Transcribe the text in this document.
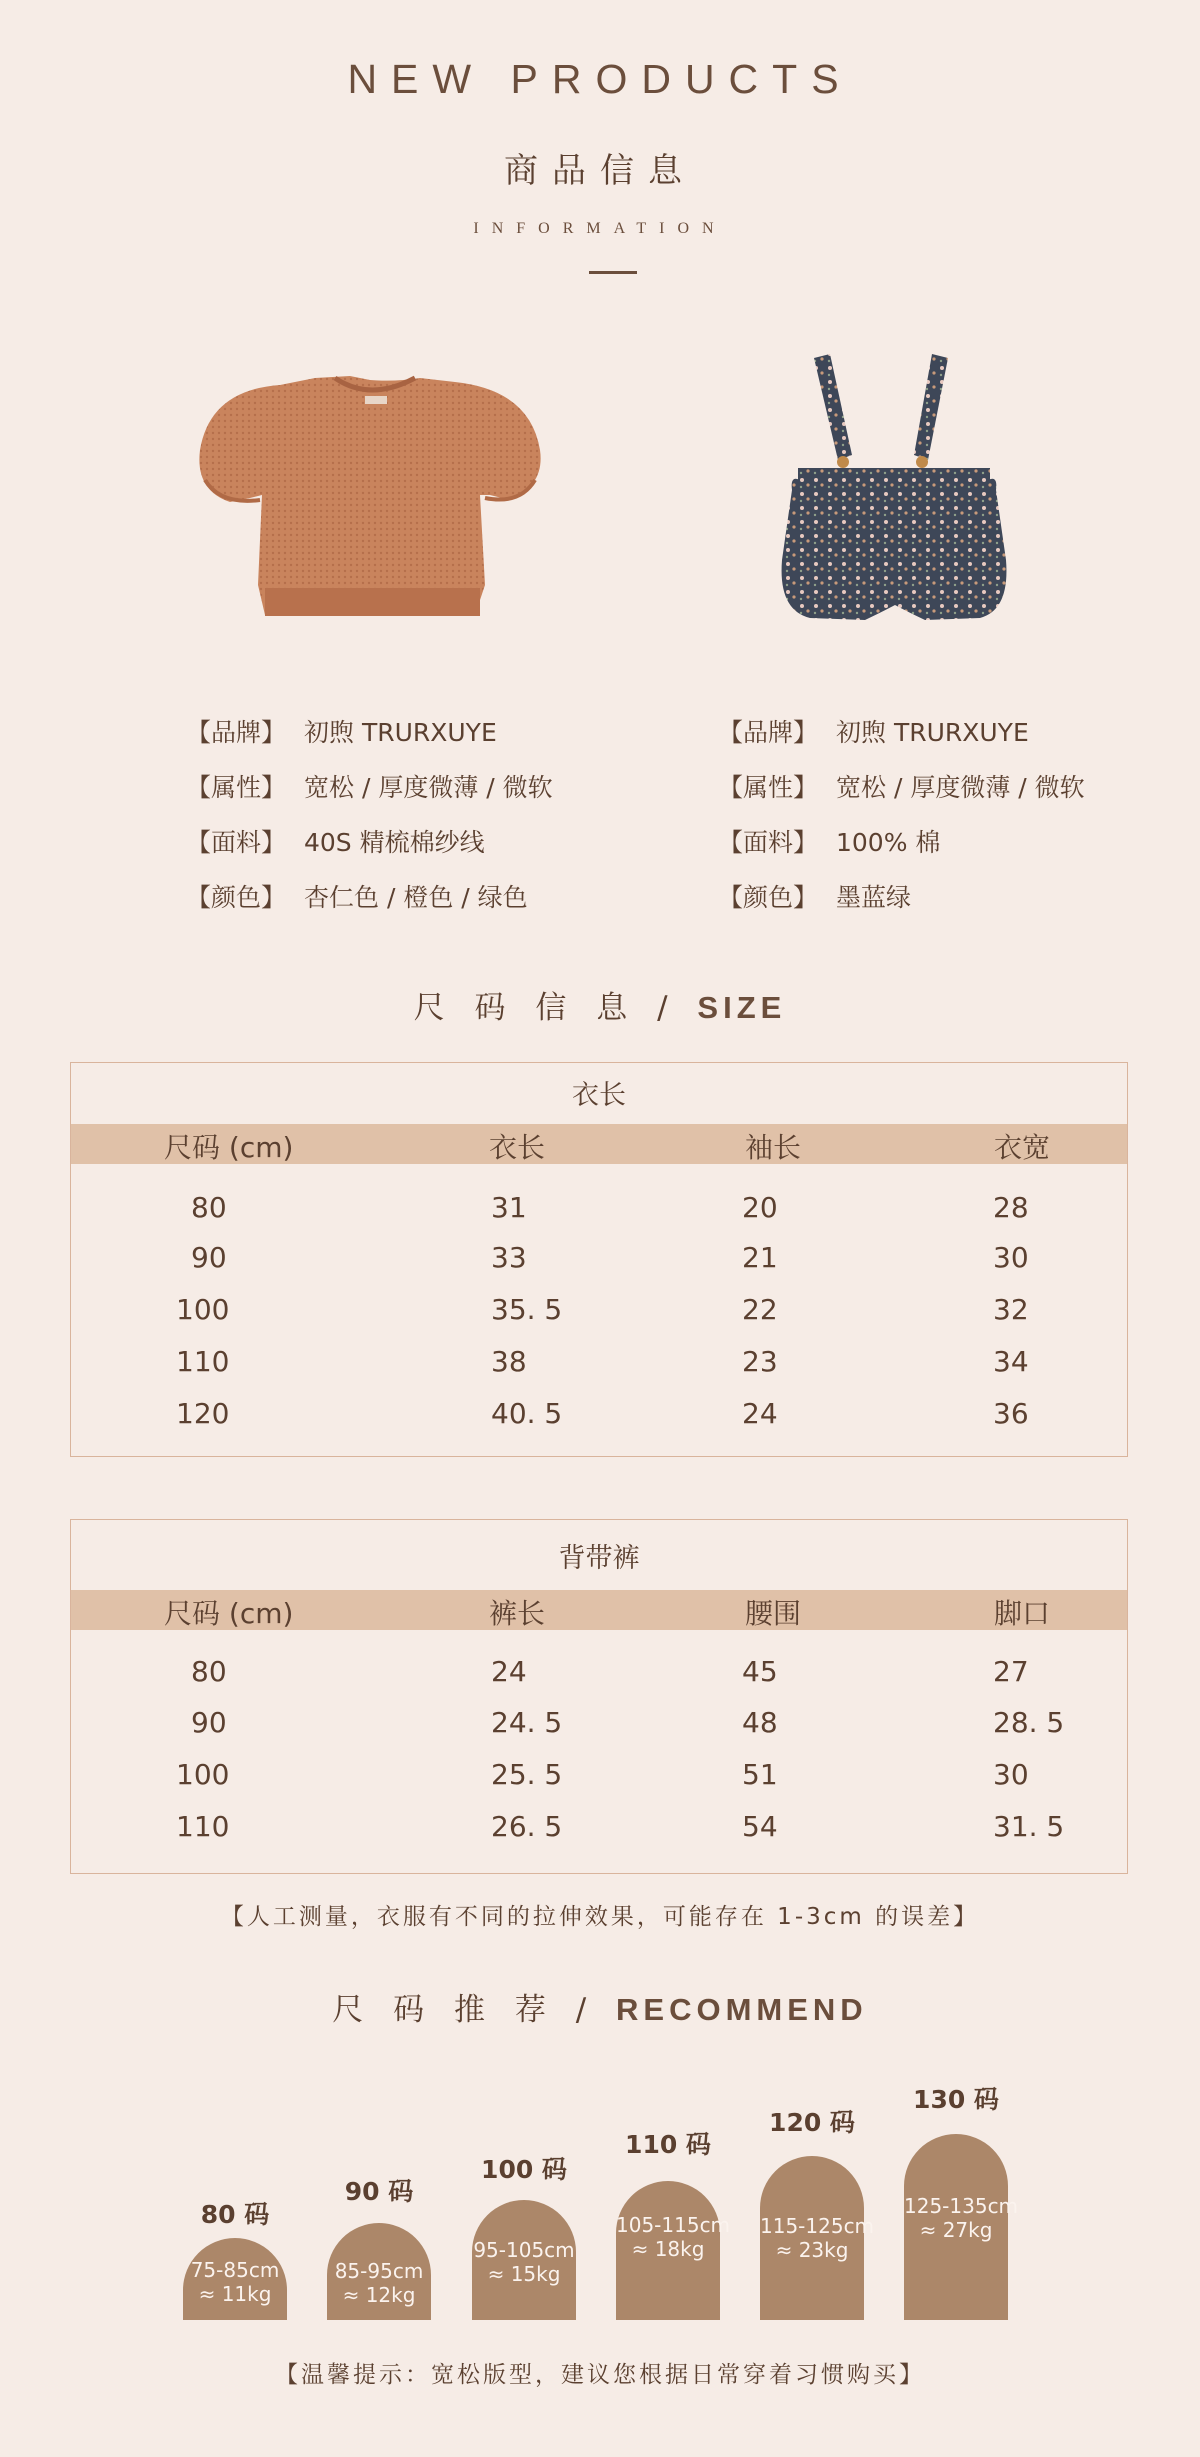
NEW PRODUCTS
商品信息
INFORMATION
【品牌】 初煦 TRURXUYE
【属性】 宽松 / 厚度微薄 / 微软
【面料】 40S 精梳棉纱线
【颜色】 杏仁色 / 橙色 / 绿色
【品牌】 初煦 TRURXUYE
【属性】 宽松 / 厚度微薄 / 微软
【面料】 100% 棉
【颜色】 墨蓝绿
尺 码 信 息 / SIZE
衣长
尺码 (cm)	衣长	袖长	衣宽
80	31	20	28
90	33	21	30
100	35. 5	22	32
110	38	23	34
120	40. 5	24	36
背带裤
尺码 (cm)	裤长	腰围	脚口
80	24	45	27
90	24. 5	48	28. 5
100	25. 5	51	30
110	26. 5	54	31. 5
【人工测量，衣服有不同的拉伸效果，可能存在 1-3cm 的误差】
尺 码 推 荐 / RECOMMEND
80 码
75-85cm
≈ 11kg
90 码
85-95cm
≈ 12kg
100 码
95-105cm
≈ 15kg
110 码
105-115cm
≈ 18kg
120 码
115-125cm
≈ 23kg
130 码
125-135cm
≈ 27kg
【温馨提示：宽松版型，建议您根据日常穿着习惯购买】
